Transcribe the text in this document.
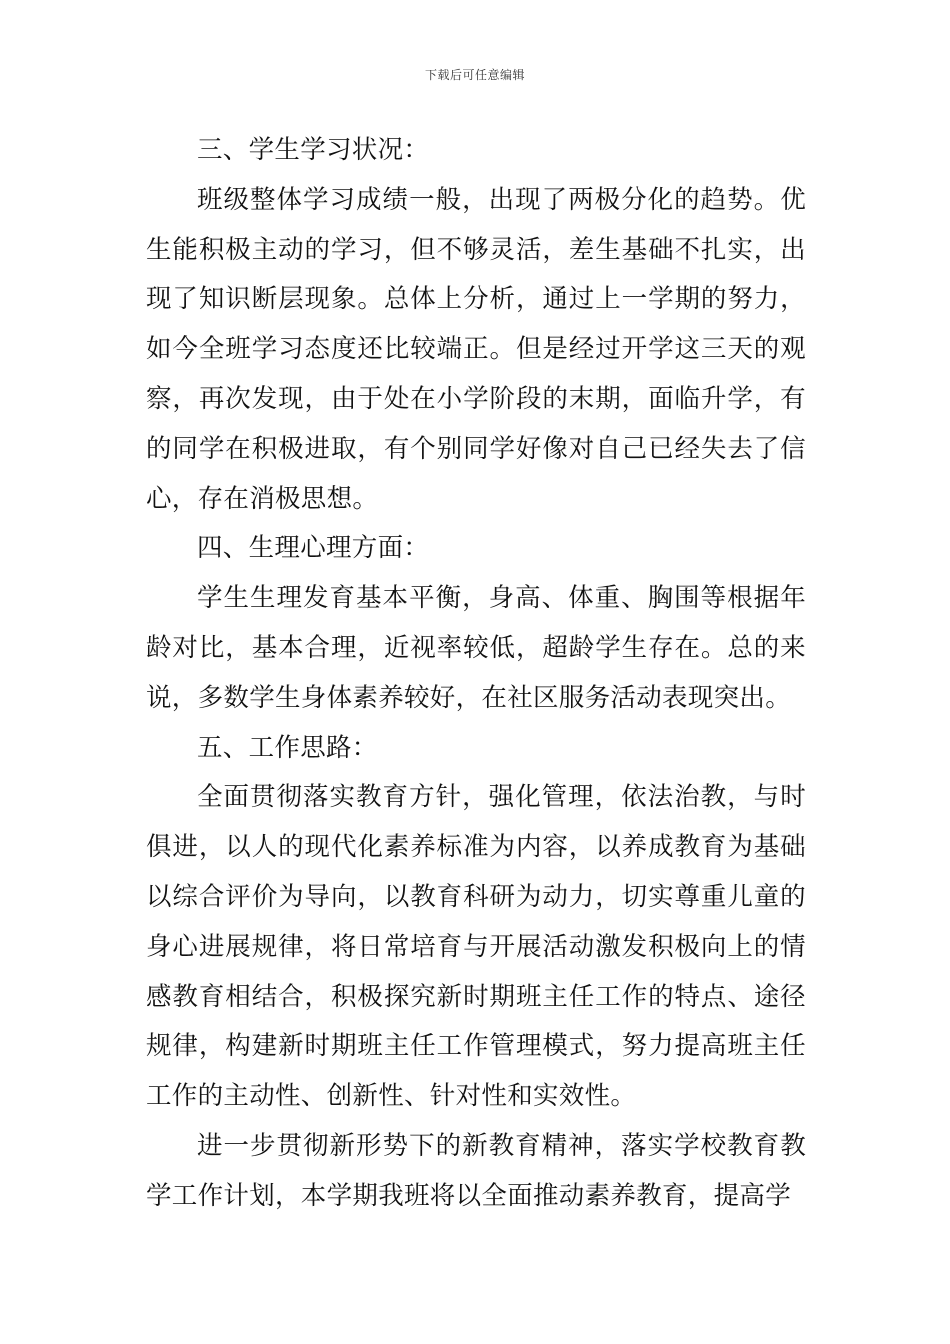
下载后可任意编辑

三、学生学习状况：

班级整体学习成绩一般，出现了两极分化的趋势。优生能积极主动的学习，但不够灵活，差生基础不扎实，出现了知识断层现象。总体上分析，通过上一学期的努力，如今全班学习态度还比较端正。但是经过开学这三天的观察，再次发现，由于处在小学阶段的末期，面临升学，有的同学在积极进取，有个别同学好像对自己已经失去了信心，存在消极思想。

四、生理心理方面：

学生生理发育基本平衡，身高、体重、胸围等根据年龄对比，基本合理，近视率较低，超龄学生存在。总的来说，多数学生身体素养较好，在社区服务活动表现突出。

五、工作思路：

全面贯彻落实教育方针，强化管理，依法治教，与时俱进，以人的现代化素养标准为内容，以养成教育为基础以综合评价为导向，以教育科研为动力，切实尊重儿童的身心进展规律，将日常培育与开展活动激发积极向上的情感教育相结合，积极探究新时期班主任工作的特点、途径规律，构建新时期班主任工作管理模式，努力提高班主任工作的主动性、创新性、针对性和实效性。

进一步贯彻新形势下的新教育精神，落实学校教育教学工作计划，本学期我班将以全面推动素养教育，提高学
